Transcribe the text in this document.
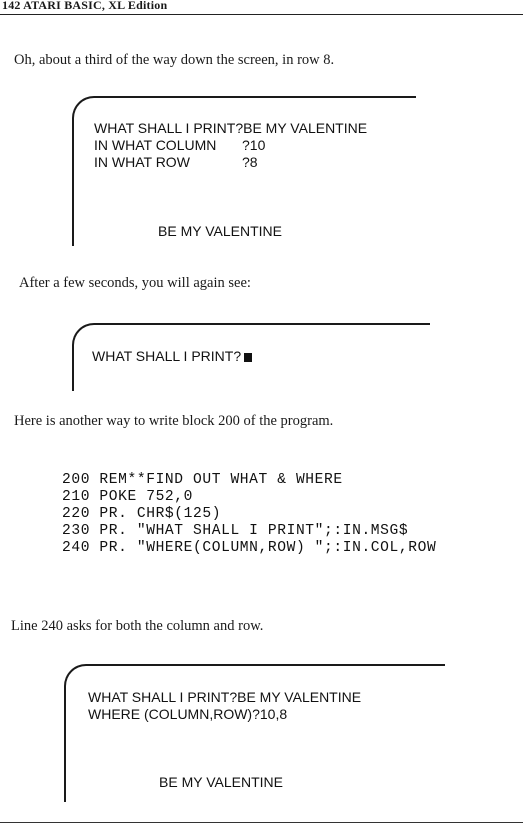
142 ATARI BASIC, XL Edition
Oh, about a third of the way down the screen, in row 8.
WHAT SHALL I PRINT?BE MY VALENTINE
IN WHAT COLUMN ?10
IN WHAT ROW	?8
BE MY VALENTINE
After a few seconds, you will again see:
WHAT SHALL I PRINT?
Here is another way to write block 200 of the program.
200 REM**FIND OUT WHAT & WHERE
210 POKE 752,0
220 PR. CHR$(125)
230 PR. "WHAT SHALL I PRINT";:IN.MSG$
240 PR. "WHERE(COLUMN,ROW) ";:IN.COL,ROW
Line 240 asks for both the column and row.
WHAT SHALL I PRINT?BE MY VALENTINE
WHERE (COLUMN,ROW)?10,8
BE MY VALENTINE
